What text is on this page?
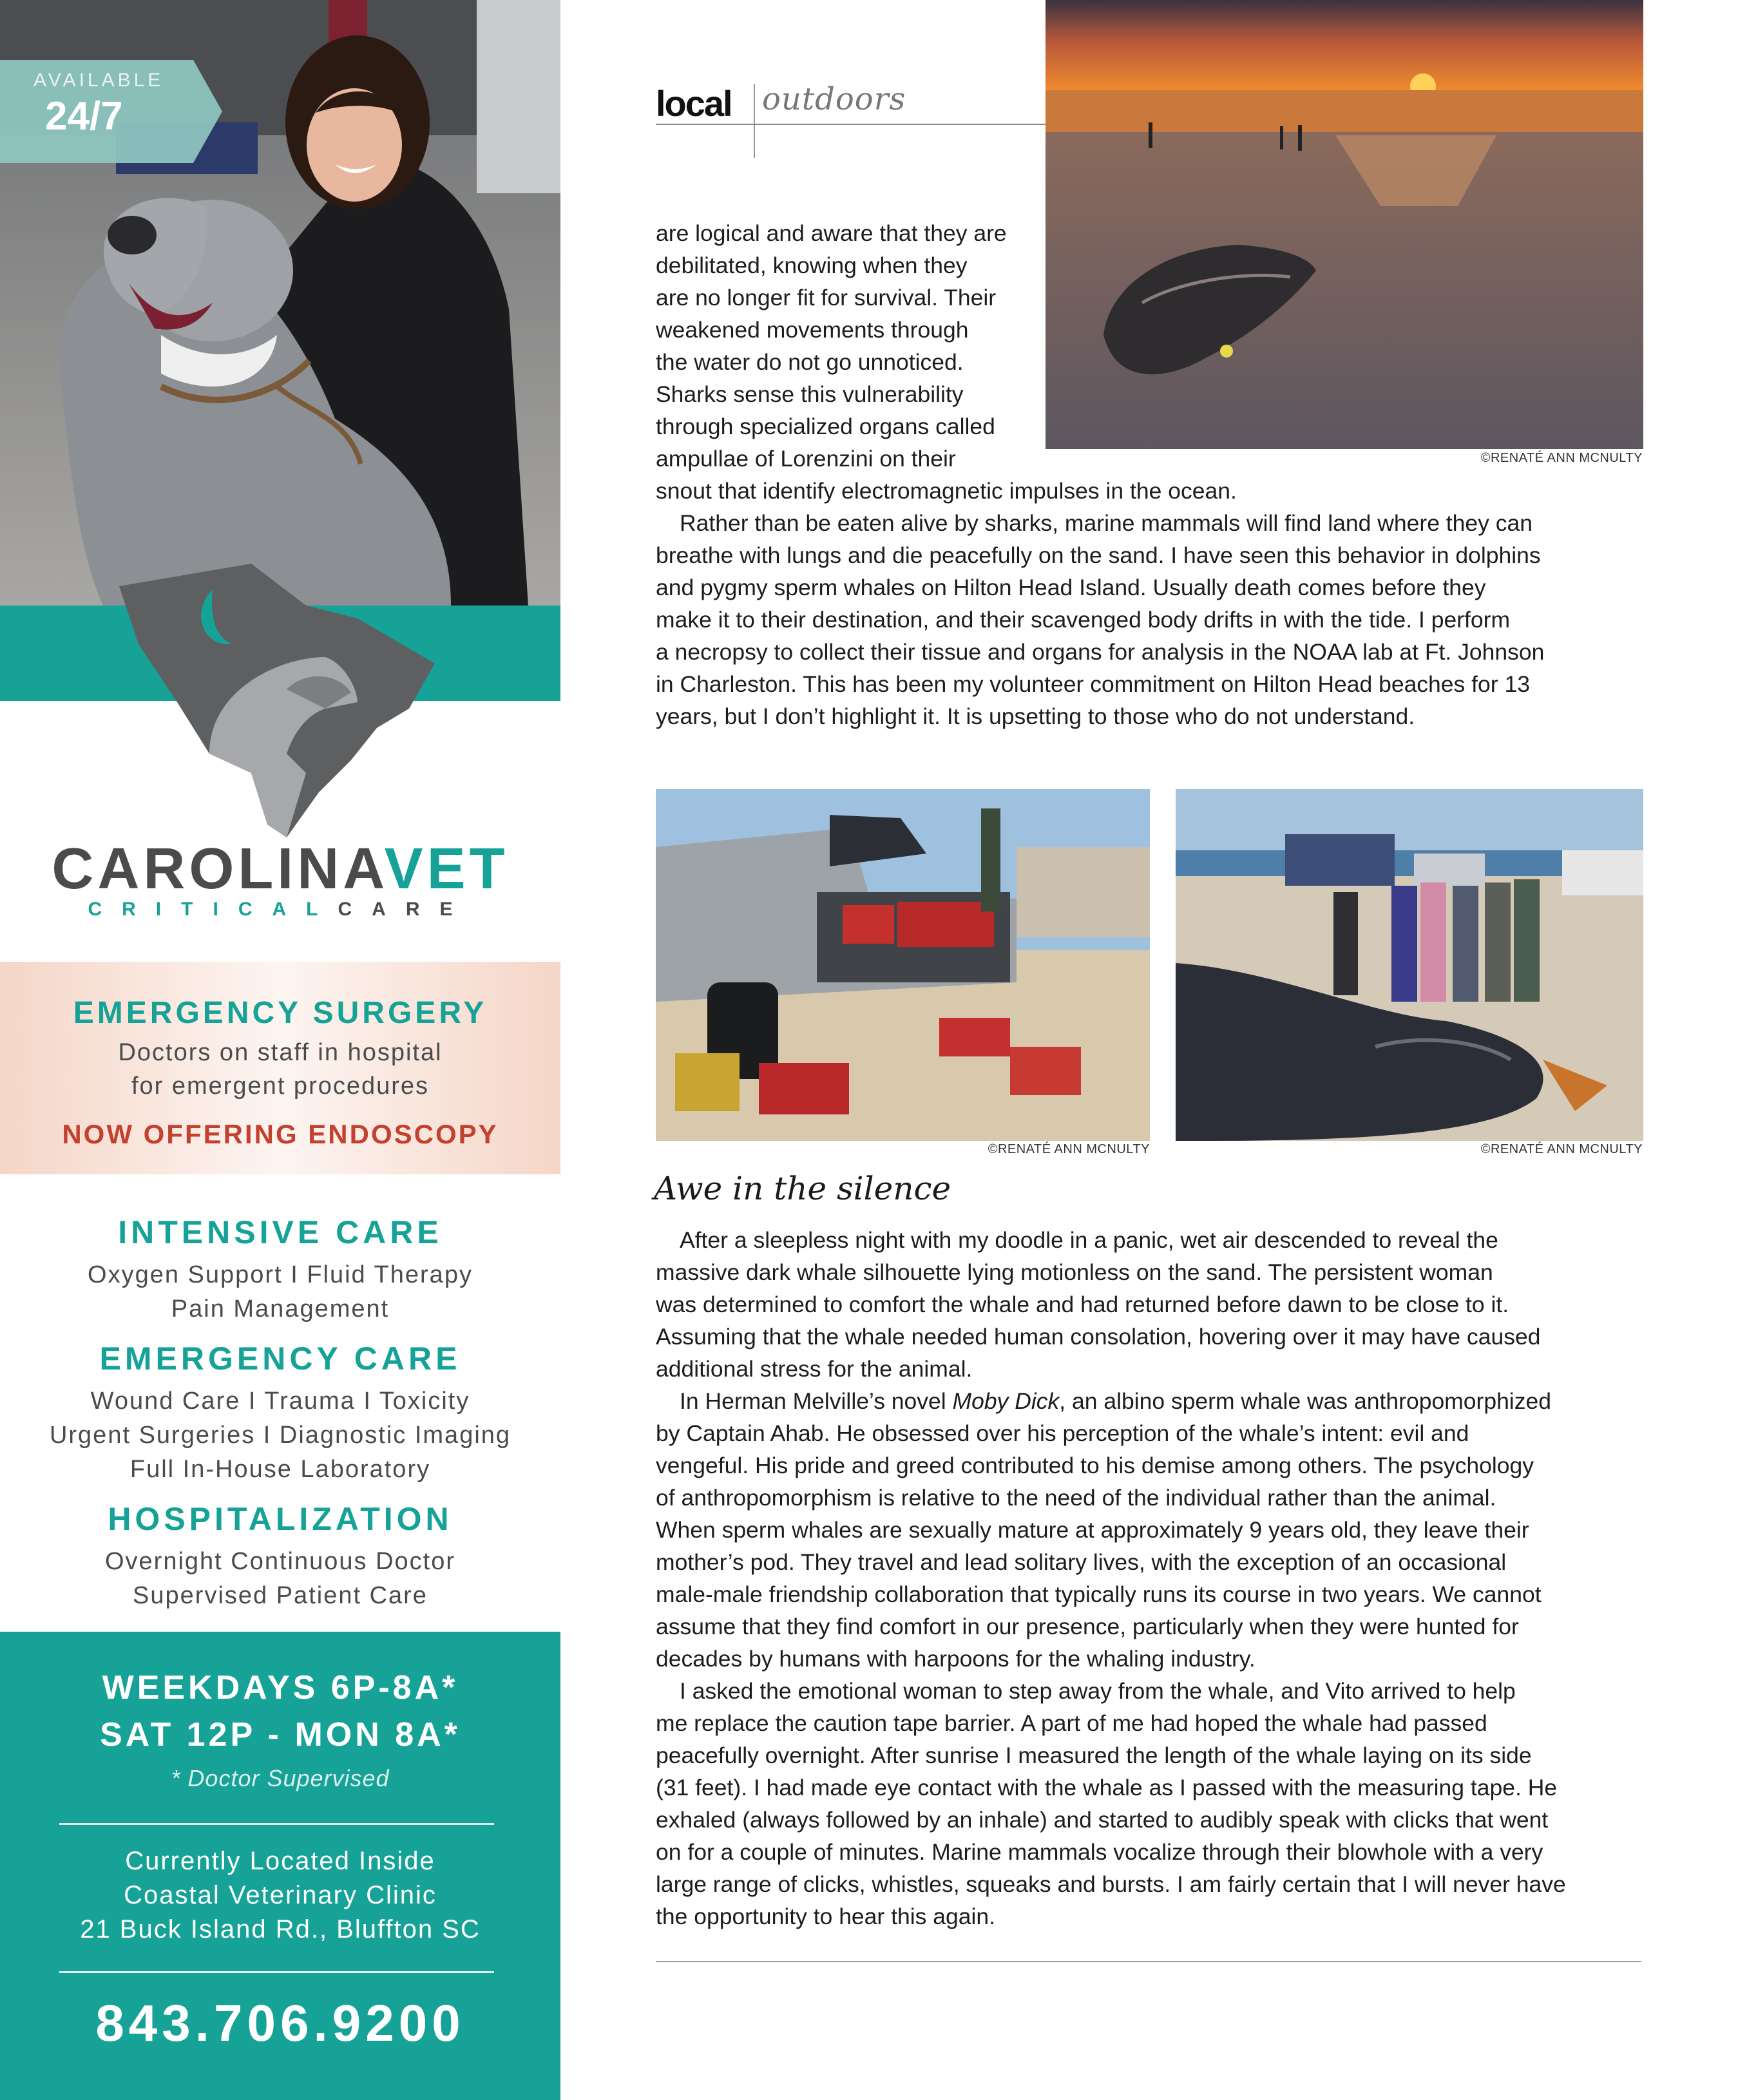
AVAILABLE
24/7
CAROLINAVET
CRITICALCARE
EMERGENCY SURGERY
Doctors on staff in hospital
for emergent procedures
NOW OFFERING ENDOSCOPY
INTENSIVE CARE
Oxygen Support I Fluid Therapy
Pain Management
EMERGENCY CARE
Wound Care I Trauma I Toxicity
Urgent Surgeries I Diagnostic Imaging
Full In-House Laboratory
HOSPITALIZATION
Overnight Continuous Doctor
Supervised Patient Care
WEEKDAYS 6P-8A*
SAT 12P - MON 8A*
* Doctor Supervised
Currently Located Inside
Coastal Veterinary Clinic
21 Buck Island Rd., Bluffton SC
843.706.9200
local outdoors
©RENATÉ ANN MCNULTY
©RENATÉ ANN MCNULTY	©RENATÉ ANN MCNULTY
are logical and aware that they are
debilitated, knowing when they
are no longer fit for survival. Their
weakened movements through
the water do not go unnoticed.
Sharks sense this vulnerability
through specialized organs called
ampullae of Lorenzini on their
snout that identify electromagnetic impulses in the ocean.
Rather than be eaten alive by sharks, marine mammals will find land where they can
breathe with lungs and die peacefully on the sand. I have seen this behavior in dolphins
and pygmy sperm whales on Hilton Head Island. Usually death comes before they
make it to their destination, and their scavenged body drifts in with the tide. I perform
a necropsy to collect their tissue and organs for analysis in the NOAA lab at Ft. Johnson
in Charleston. This has been my volunteer commitment on Hilton Head beaches for 13
years, but I don’t highlight it. It is upsetting to those who do not understand.
Awe in the silence
After a sleepless night with my doodle in a panic, wet air descended to reveal the
massive dark whale silhouette lying motionless on the sand. The persistent woman
was determined to comfort the whale and had returned before dawn to be close to it.
Assuming that the whale needed human consolation, hovering over it may have caused
additional stress for the animal.
In Herman Melville’s novel Moby Dick, an albino sperm whale was anthropomorphized
by Captain Ahab. He obsessed over his perception of the whale’s intent: evil and
vengeful. His pride and greed contributed to his demise among others. The psychology
of anthropomorphism is relative to the need of the individual rather than the animal.
When sperm whales are sexually mature at approximately 9 years old, they leave their
mother’s pod. They travel and lead solitary lives, with the exception of an occasional
male-male friendship collaboration that typically runs its course in two years. We cannot
assume that they find comfort in our presence, particularly when they were hunted for
decades by humans with harpoons for the whaling industry.
I asked the emotional woman to step away from the whale, and Vito arrived to help
me replace the caution tape barrier. A part of me had hoped the whale had passed
peacefully overnight. After sunrise I measured the length of the whale laying on its side
(31 feet). I had made eye contact with the whale as I passed with the measuring tape. He
exhaled (always followed by an inhale) and started to audibly speak with clicks that went
on for a couple of minutes. Marine mammals vocalize through their blowhole with a very
large range of clicks, whistles, squeaks and bursts. I am fairly certain that I will never have
the opportunity to hear this again.
